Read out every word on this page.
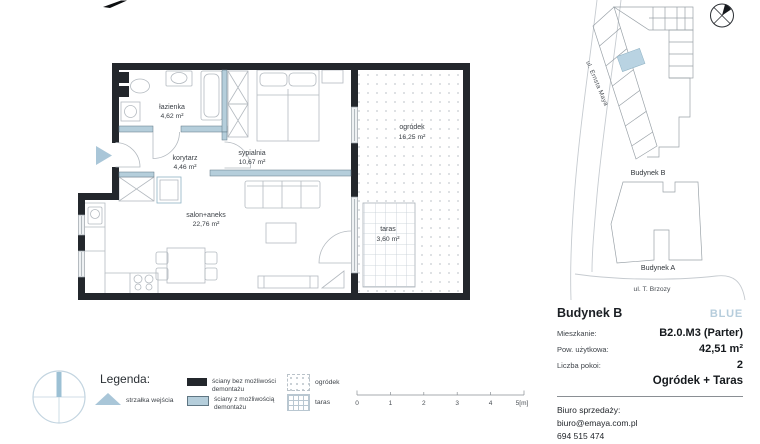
łazienka
4,62 m²
korytarz
4,46 m²
sypialnia
10,67 m²
salon+aneks
22,76 m²
ogródek
16,25 m²
taras
3,60 m²
ul. Ernsta Maya
Budynek B
Budynek A
ul. T. Brzozy
Budynek B	BLUE
Mieszkanie:	B2.0.M3 (Parter)
Pow. użytkowa:	42,51 m²
Liczba pokoi:	2
Ogródek + Taras
Biuro sprzedaży:
biuro@emaya.com.pl
694 515 474
Legenda:
strzałka wejścia
ściany bez możliwości demontażu
ściany z możliwością demontażu
ogródek
taras	0	1	2	3	4	5[m]
